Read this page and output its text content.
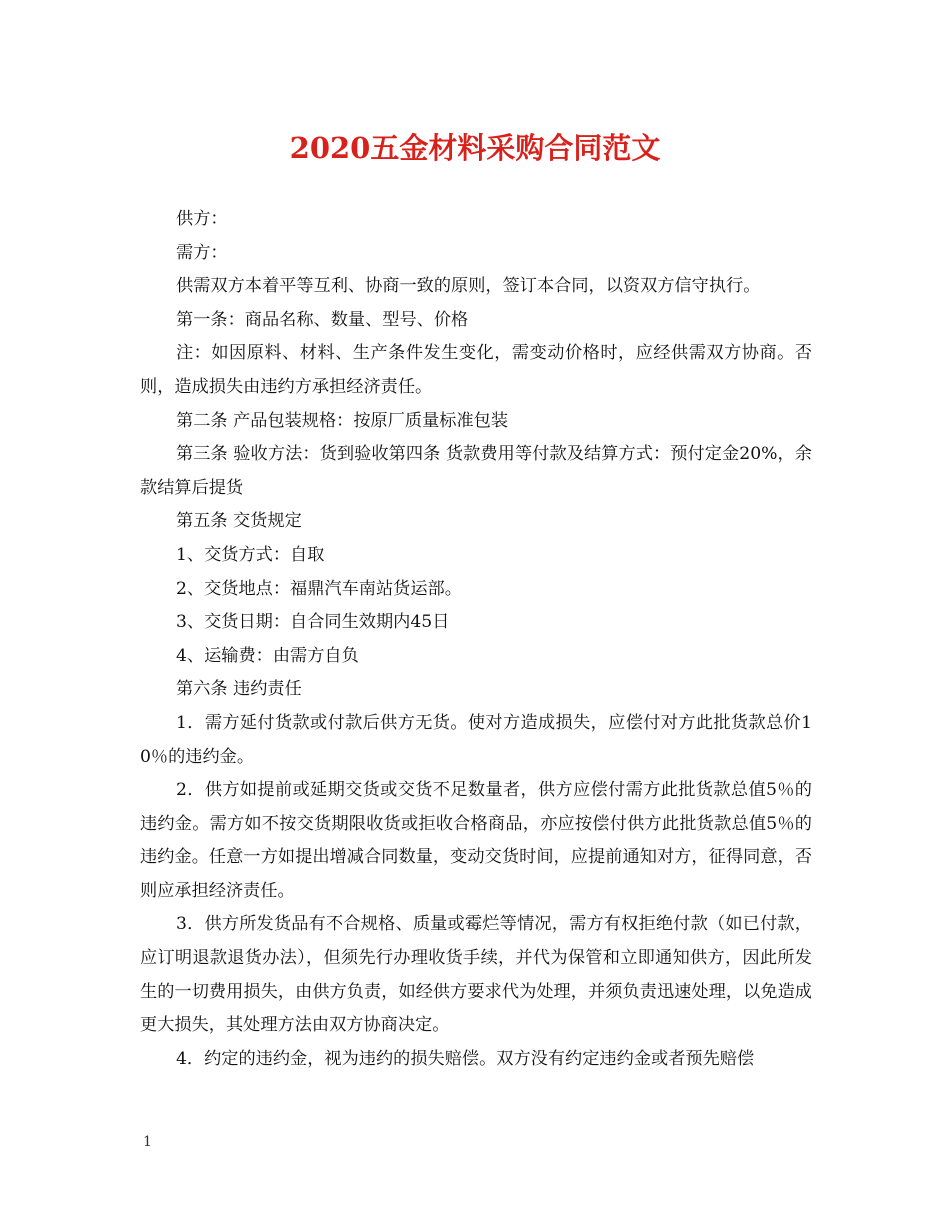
2020五金材料采购合同范文

供方：

需方：

供需双方本着平等互利、协商一致的原则，签订本合同，以资双方信守执行。

第一条：商品名称、数量、型号、价格

注：如因原料、材料、生产条件发生变化，需变动价格时，应经供需双方协商。否则，造成损失由违约方承担经济责任。

第二条 产品包装规格：按原厂质量标准包装

第三条 验收方法：货到验收第四条 货款费用等付款及结算方式：预付定金20%，余款结算后提货

第五条 交货规定

1、交货方式：自取

2、交货地点：福鼎汽车南站货运部。

3、交货日期：自合同生效期内45日

4、运输费：由需方自负

第六条 违约责任

1．需方延付货款或付款后供方无货。使对方造成损失，应偿付对方此批货款总价10％的违约金。

2．供方如提前或延期交货或交货不足数量者，供方应偿付需方此批货款总值5％的违约金。需方如不按交货期限收货或拒收合格商品，亦应按偿付供方此批货款总值5％的违约金。任意一方如提出增减合同数量，变动交货时间，应提前通知对方，征得同意，否则应承担经济责任。

3．供方所发货品有不合规格、质量或霉烂等情况，需方有权拒绝付款（如已付款，应订明退款退货办法），但须先行办理收货手续，并代为保管和立即通知供方，因此所发生的一切费用损失，由供方负责，如经供方要求代为处理，并须负责迅速处理，以免造成更大损失，其处理方法由双方协商决定。

4．约定的违约金，视为违约的损失赔偿。双方没有约定违约金或者预先赔偿

1
